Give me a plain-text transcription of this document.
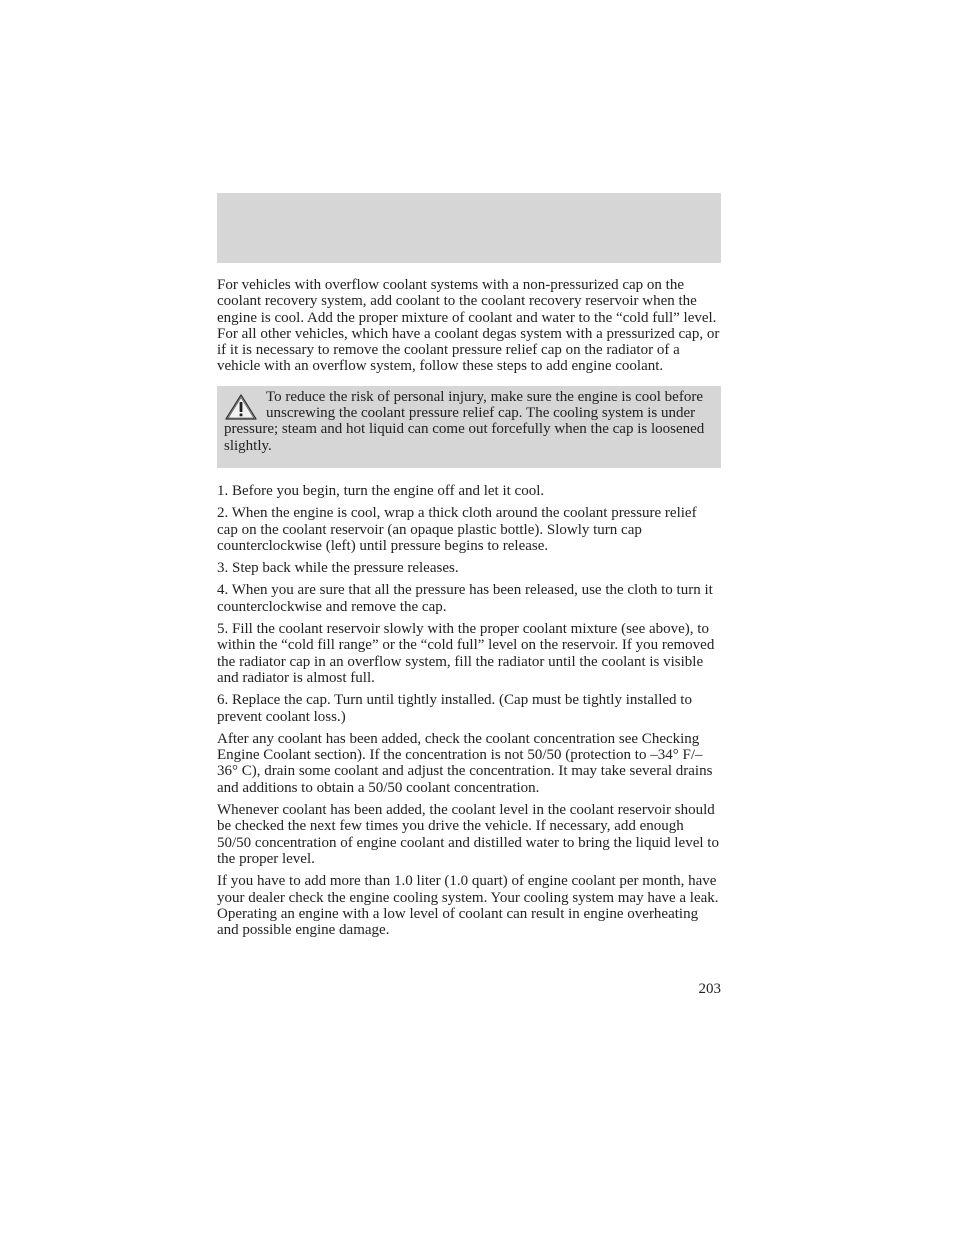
For vehicles with overflow coolant systems with a non-pressurized cap on the coolant recovery system, add coolant to the coolant recovery reservoir when the engine is cool. Add the proper mixture of coolant and water to the “cold full” level. For all other vehicles, which have a coolant degas system with a pressurized cap, or if it is necessary to remove the coolant pressure relief cap on the radiator of a vehicle with an overflow system, follow these steps to add engine coolant.

To reduce the risk of personal injury, make sure the engine is cool before unscrewing the coolant pressure relief cap. The cooling system is under pressure; steam and hot liquid can come out forcefully when the cap is loosened slightly.

1. Before you begin, turn the engine off and let it cool.

2. When the engine is cool, wrap a thick cloth around the coolant pressure relief cap on the coolant reservoir (an opaque plastic bottle). Slowly turn cap counterclockwise (left) until pressure begins to release.

3. Step back while the pressure releases.

4. When you are sure that all the pressure has been released, use the cloth to turn it counterclockwise and remove the cap.

5. Fill the coolant reservoir slowly with the proper coolant mixture (see above), to within the “cold fill range” or the “cold full” level on the reservoir. If you removed the radiator cap in an overflow system, fill the radiator until the coolant is visible and radiator is almost full.

6. Replace the cap. Turn until tightly installed. (Cap must be tightly installed to prevent coolant loss.)

After any coolant has been added, check the coolant concentration see Checking Engine Coolant section). If the concentration is not 50/50 (protection to –34° F/–36° C), drain some coolant and adjust the concentration. It may take several drains and additions to obtain a 50/50 coolant concentration.

Whenever coolant has been added, the coolant level in the coolant reservoir should be checked the next few times you drive the vehicle. If necessary, add enough 50/50 concentration of engine coolant and distilled water to bring the liquid level to the proper level.

If you have to add more than 1.0 liter (1.0 quart) of engine coolant per month, have your dealer check the engine cooling system. Your cooling system may have a leak. Operating an engine with a low level of coolant can result in engine overheating and possible engine damage.

203
